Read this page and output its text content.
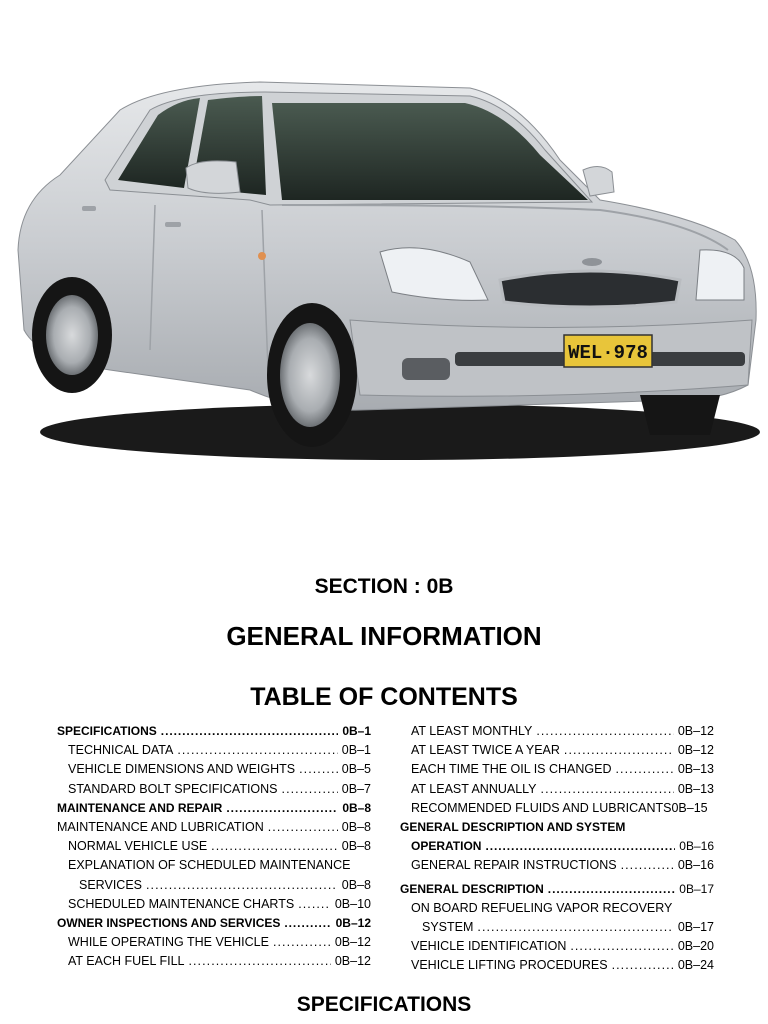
WEL·978
SECTION : 0B
GENERAL INFORMATION
TABLE OF CONTENTS
SPECIFICATIONS . . .	0B–1
TECHNICAL DATA . . .	0B–1
VEHICLE DIMENSIONS AND WEIGHTS . . .	0B–5
STANDARD BOLT SPECIFICATIONS . . .	0B–7
MAINTENANCE AND REPAIR . . .	0B–8
MAINTENANCE AND LUBRICATION . . .	0B–8
NORMAL VEHICLE USE . . .	0B–8
EXPLANATION OF SCHEDULED MAINTENANCE
SERVICES . . .	0B–8
SCHEDULED MAINTENANCE CHARTS . . .	0B–10
OWNER INSPECTIONS AND SERVICES . . .	0B–12
WHILE OPERATING THE VEHICLE . . .	0B–12
AT EACH FUEL FILL . . .	0B–12
AT LEAST MONTHLY . . .	0B–12
AT LEAST TWICE A YEAR . . .	0B–12
EACH TIME THE OIL IS CHANGED . . .	0B–13
AT LEAST ANNUALLY . . .	0B–13
RECOMMENDED FLUIDS AND LUBRICANTS 0B–15
GENERAL DESCRIPTION AND SYSTEM
OPERATION . . .	0B–16
GENERAL REPAIR INSTRUCTIONS . . .	0B–16
GENERAL DESCRIPTION . . .	0B–17
ON BOARD REFUELING VAPOR RECOVERY
SYSTEM . . .	0B–17
VEHICLE IDENTIFICATION . . .	0B–20
VEHICLE LIFTING PROCEDURES . . .	0B–24
SPECIFICATIONS
